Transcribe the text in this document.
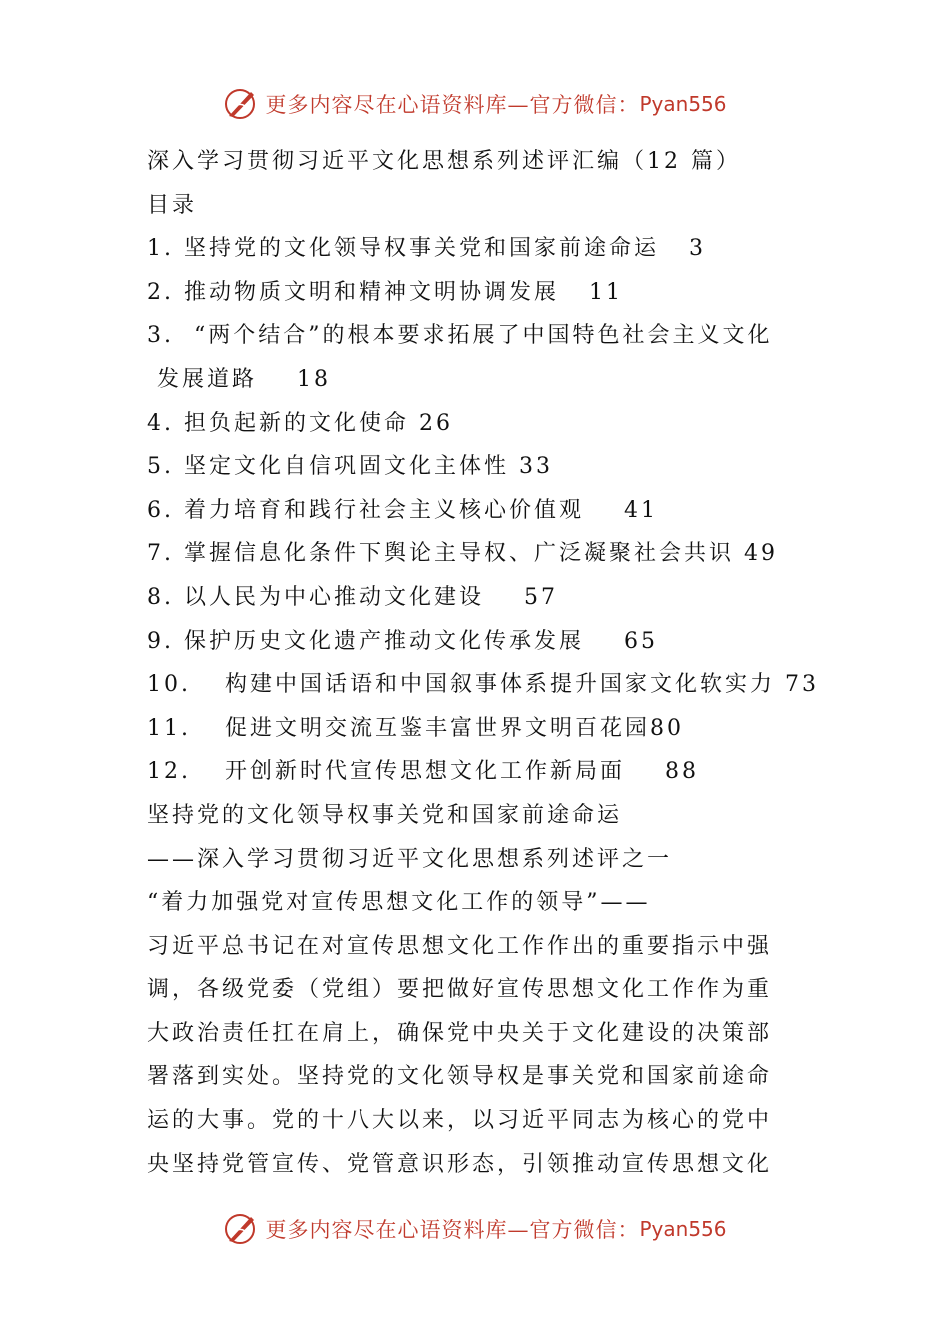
更多内容尽在心语资料库—官方微信： Pyan556
深入学习贯彻习近平文化思想系列述评汇编（12 篇）
目录
1. 坚持党的文化领导权事关党和国家前途命运 3
2. 推动物质文明和精神文明协调发展 11
3. “两个结合”的根本要求拓展了中国特色社会主义文化
发展道路 18
4. 担负起新的文化使命 26
5. 坚定文化自信巩固文化主体性 33
6. 着力培育和践行社会主义核心价值观 41
7. 掌握信息化条件下舆论主导权、广泛凝聚社会共识 49
8. 以人民为中心推动文化建设 57
9. 保护历史文化遗产推动文化传承发展 65
10. 构建中国话语和中国叙事体系提升国家文化软实力 73
11. 促进文明交流互鉴丰富世界文明百花园80
12. 开创新时代宣传思想文化工作新局面 88
坚持党的文化领导权事关党和国家前途命运
——深入学习贯彻习近平文化思想系列述评之一
“着力加强党对宣传思想文化工作的领导”——
习近平总书记在对宣传思想文化工作作出的重要指示中强
调，各级党委（党组）要把做好宣传思想文化工作作为重
大政治责任扛在肩上，确保党中央关于文化建设的决策部
署落到实处。坚持党的文化领导权是事关党和国家前途命
运的大事。党的十八大以来，以习近平同志为核心的党中
央坚持党管宣传、党管意识形态，引领推动宣传思想文化
更多内容尽在心语资料库—官方微信： Pyan556
